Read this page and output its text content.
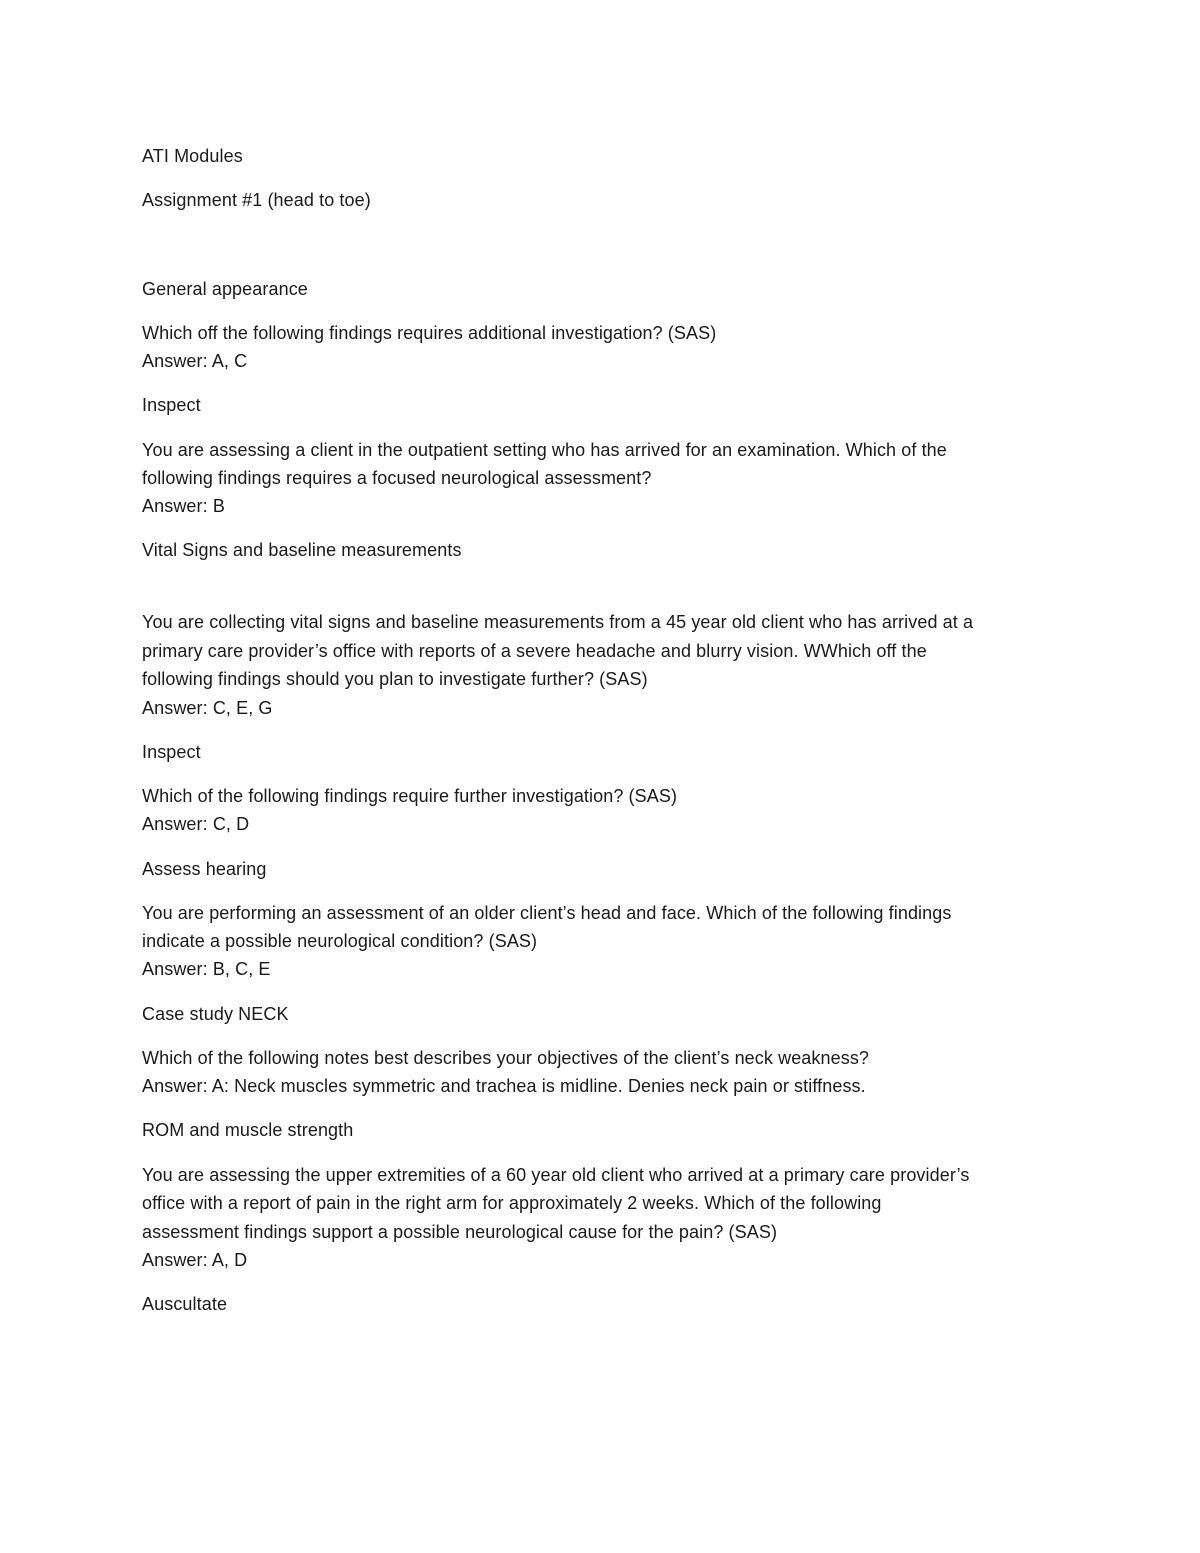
ATI Modules
Assignment #1 (head to toe)
General appearance
Which off the following findings requires additional investigation? (SAS)
Answer: A, C
Inspect
You are assessing a client in the outpatient setting who has arrived for an examination. Which of the
following findings requires a focused neurological assessment?
Answer: B
Vital Signs and baseline measurements
You are collecting vital signs and baseline measurements from a 45 year old client who has arrived at a
primary care provider’s office with reports of a severe headache and blurry vision. WWhich off the
following findings should you plan to investigate further? (SAS)
Answer: C, E, G
Inspect
Which of the following findings require further investigation? (SAS)
Answer: C, D
Assess hearing
You are performing an assessment of an older client’s head and face. Which of the following findings
indicate a possible neurological condition? (SAS)
Answer: B, C, E
Case study NECK
Which of the following notes best describes your objectives of the client’s neck weakness?
Answer: A: Neck muscles symmetric and trachea is midline. Denies neck pain or stiffness.
ROM and muscle strength
You are assessing the upper extremities of a 60 year old client who arrived at a primary care provider’s
office with a report of pain in the right arm for approximately 2 weeks. Which of the following
assessment findings support a possible neurological cause for the pain? (SAS)
Answer: A, D
Auscultate
